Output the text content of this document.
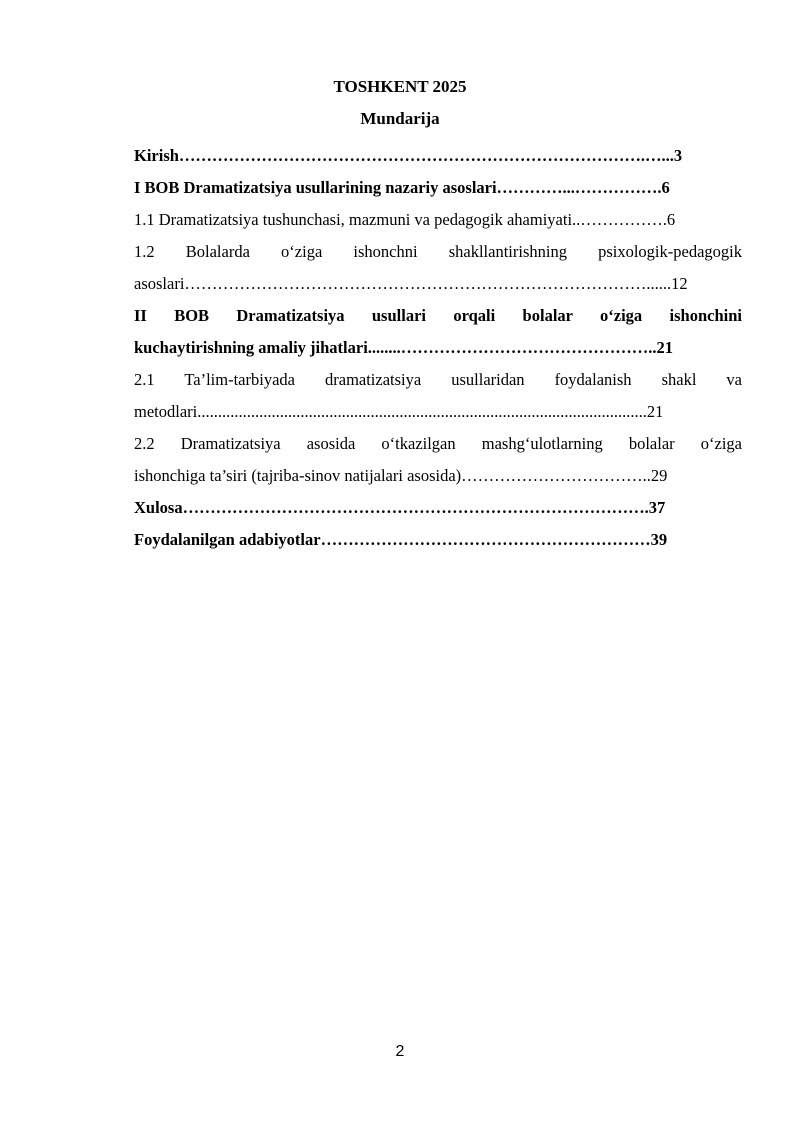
TOSHKENT 2025
Mundarija
Kirish………………………………………………………………………….…...3
I BOB Dramatizatsiya usullarining nazariy asoslari…………...…………….6
1.1 Dramatizatsiya tushunchasi, mazmuni va pedagogik ahamiyati..…………….6
1.2 Bolalarda o‘ziga ishonchni shakllantirishning psixologik-pedagogik
asoslari…………………………………………………………………………......12
II BOB Dramatizatsiya usullari orqali bolalar o‘ziga ishonchini
kuchaytirishning amaliy jihatlari........………………………………………..21
2.1 Ta’lim-tarbiyada dramatizatsiya usullaridan foydalanish shakl va
metodlari.............................................................................................................21
2.2 Dramatizatsiya asosida o‘tkazilgan mashg‘ulotlarning bolalar o‘ziga
ishonchiga ta’siri (tajriba-sinov natijalari asosida)……………………………..29
Xulosa………………………………………………………………………….37
Foydalanilgan adabiyotlar……………………………………………………39
2
